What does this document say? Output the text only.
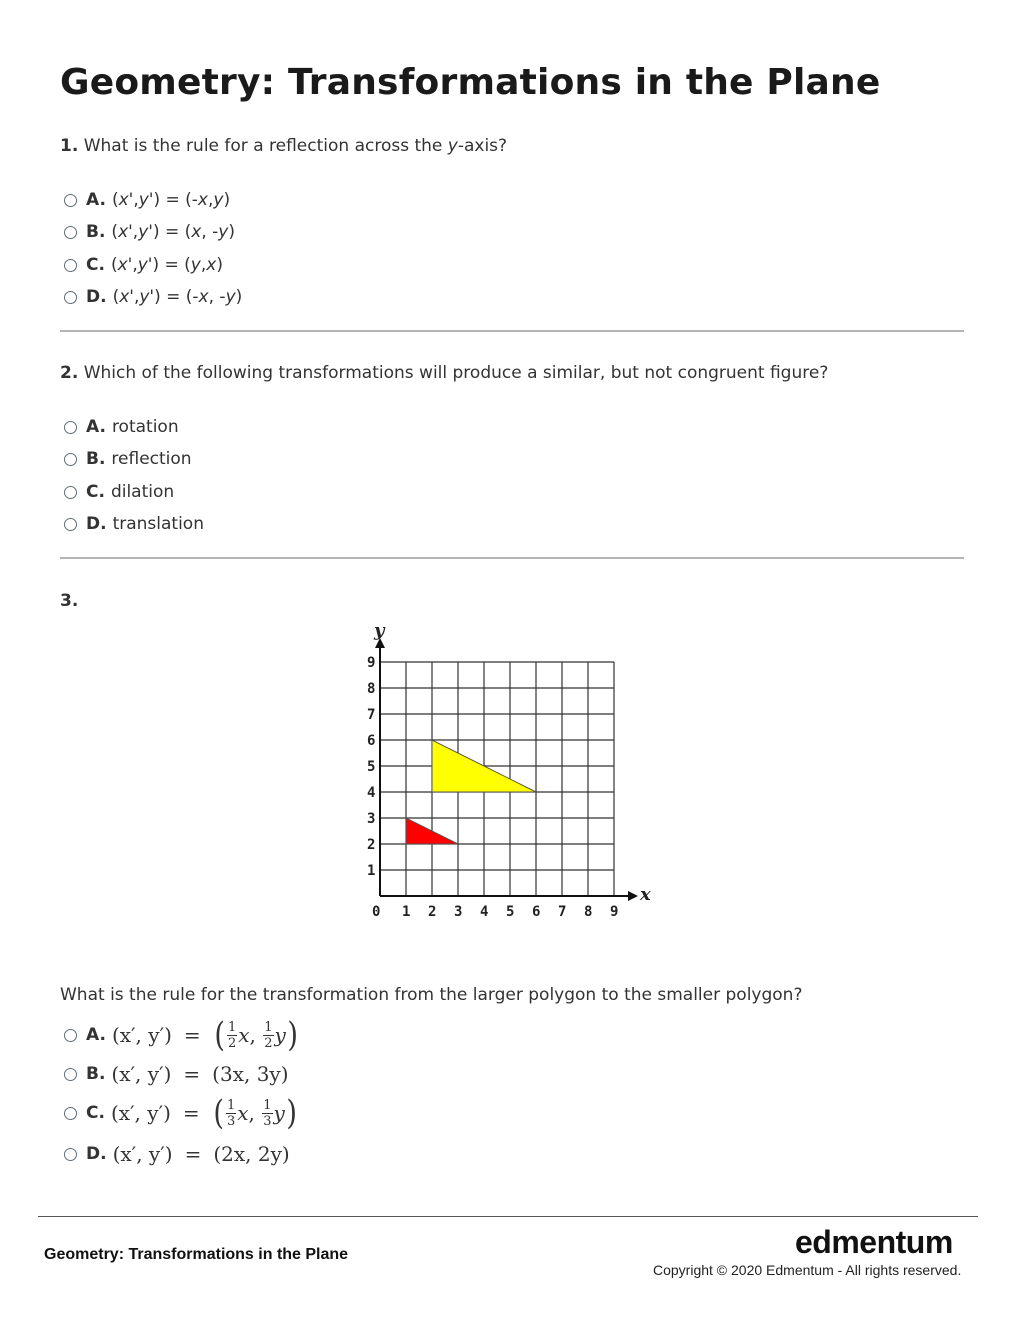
Geometry: Transformations in the Plane

1. What is the rule for a reflection across the y-axis?

A. ( x' , y' ) = (- x , y )
B. ( x' , y' ) = ( x , - y )
C. ( x' , y' ) = ( y , x )
D. ( x' , y' ) = (- x , - y )

2. Which of the following transformations will produce a similar, but not congruent figure?

A. rotation
B. reflection
C. dilation
D. translation

3.

0 1 2 3 4 5 6 7 8 9
1
2
3
4
5
6
7
8
9
x
y

What is the rule for the transformation from the larger polygon to the smaller polygon?

A. (x′, y′) = ( $\frac{1}{2}$ x , $\frac{1}{2}$ y )
B. (x′, y′) = (3x, 3y)
C. (x′, y′) = ( $\frac{1}{3}$ x , $\frac{1}{3}$ y )
D. (x′, y′) = (2x, 2y)

Geometry: Transformations in the Plane	edmentum
Copyright © 2020 Edmentum - All rights reserved.
